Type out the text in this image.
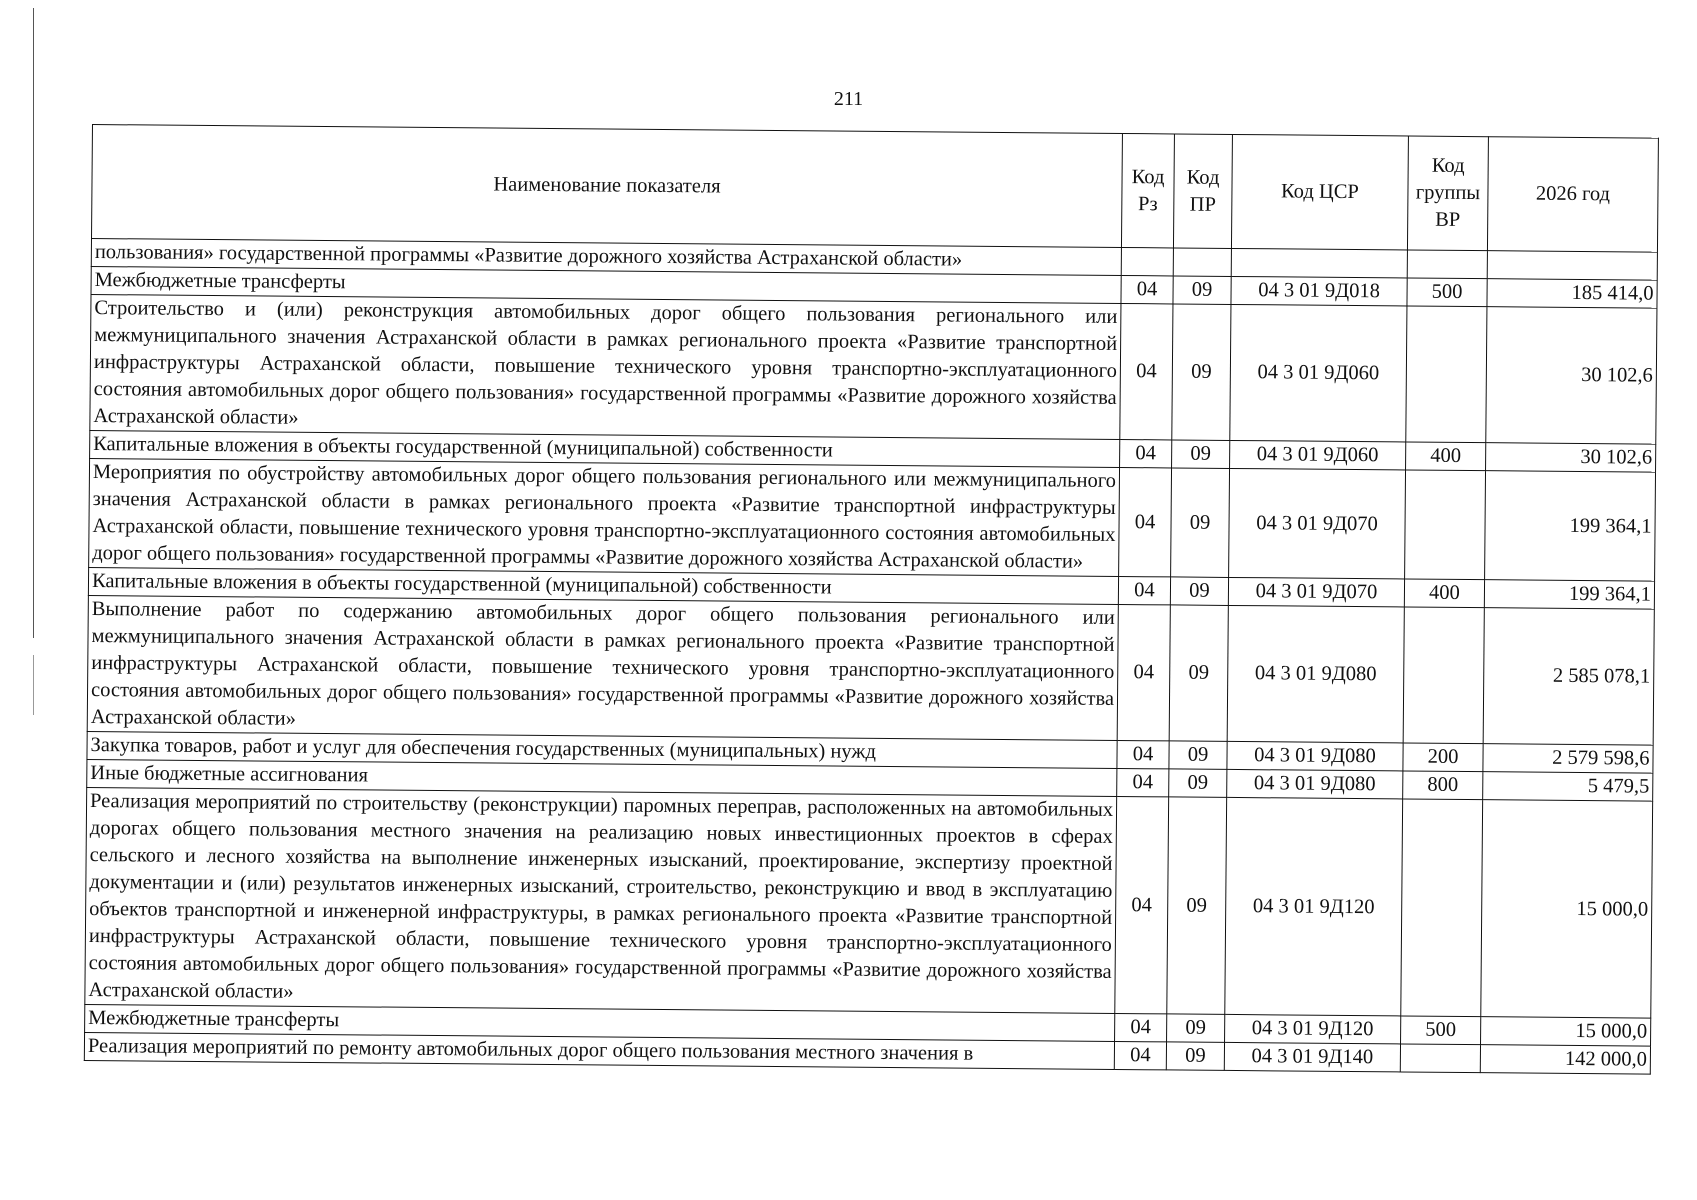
211
Наименование показателя	Код Рз	Код ПР	Код ЦСР	Код группы ВР	2026 год
пользования» государственной программы «Развитие дорожного хозяйства Астраханской области»					
Межбюджетные трансферты	04	09	04 3 01 9Д018	500	185 414,0
Строительство и (или) реконструкция автомобильных дорог общего пользования регионального или межмуниципального значения Астраханской области в рамках регионального проекта «Развитие транспортной инфраструктуры Астраханской области, повышение технического уровня транспортно-эксплуатационного состояния автомобильных дорог общего пользования» государственной программы «Развитие дорожного хозяйства Астраханской области»	04	09	04 3 01 9Д060		30 102,6
Капитальные вложения в объекты государственной (муниципальной) собственности	04	09	04 3 01 9Д060	400	30 102,6
Мероприятия по обустройству автомобильных дорог общего пользования регионального или межмуниципального значения Астраханской области в рамках регионального проекта «Развитие транспортной инфраструктуры Астраханской области, повышение технического уровня транспортно-эксплуатационного состояния автомобильных дорог общего пользования» государственной программы «Развитие дорожного хозяйства Астраханской области»	04	09	04 3 01 9Д070		199 364,1
Капитальные вложения в объекты государственной (муниципальной) собственности	04	09	04 3 01 9Д070	400	199 364,1
Выполнение работ по содержанию автомобильных дорог общего пользования регионального или межмуниципального значения Астраханской области в рамках регионального проекта «Развитие транспортной инфраструктуры Астраханской области, повышение технического уровня транспортно-эксплуатационного состояния автомобильных дорог общего пользования» государственной программы «Развитие дорожного хозяйства Астраханской области»	04	09	04 3 01 9Д080		2 585 078,1
Закупка товаров, работ и услуг для обеспечения государственных (муниципальных) нужд	04	09	04 3 01 9Д080	200	2 579 598,6
Иные бюджетные ассигнования	04	09	04 3 01 9Д080	800	5 479,5
Реализация мероприятий по строительству (реконструкции) паромных переправ, расположенных на автомобильных дорогах общего пользования местного значения на реализацию новых инвестиционных проектов в сферах сельского и лесного хозяйства на выполнение инженерных изысканий, проектирование, экспертизу проектной документации и (или) результатов инженерных изысканий, строительство, реконструкцию и ввод в эксплуатацию объектов транспортной и инженерной инфраструктуры, в рамках регионального проекта «Развитие транспортной инфраструктуры Астраханской области, повышение технического уровня транспортно-эксплуатационного состояния автомобильных дорог общего пользования» государственной программы «Развитие дорожного хозяйства Астраханской области»	04	09	04 3 01 9Д120		15 000,0
Межбюджетные трансферты	04	09	04 3 01 9Д120	500	15 000,0
Реализация мероприятий по ремонту автомобильных дорог общего пользования местного значения в	04	09	04 3 01 9Д140		142 000,0
